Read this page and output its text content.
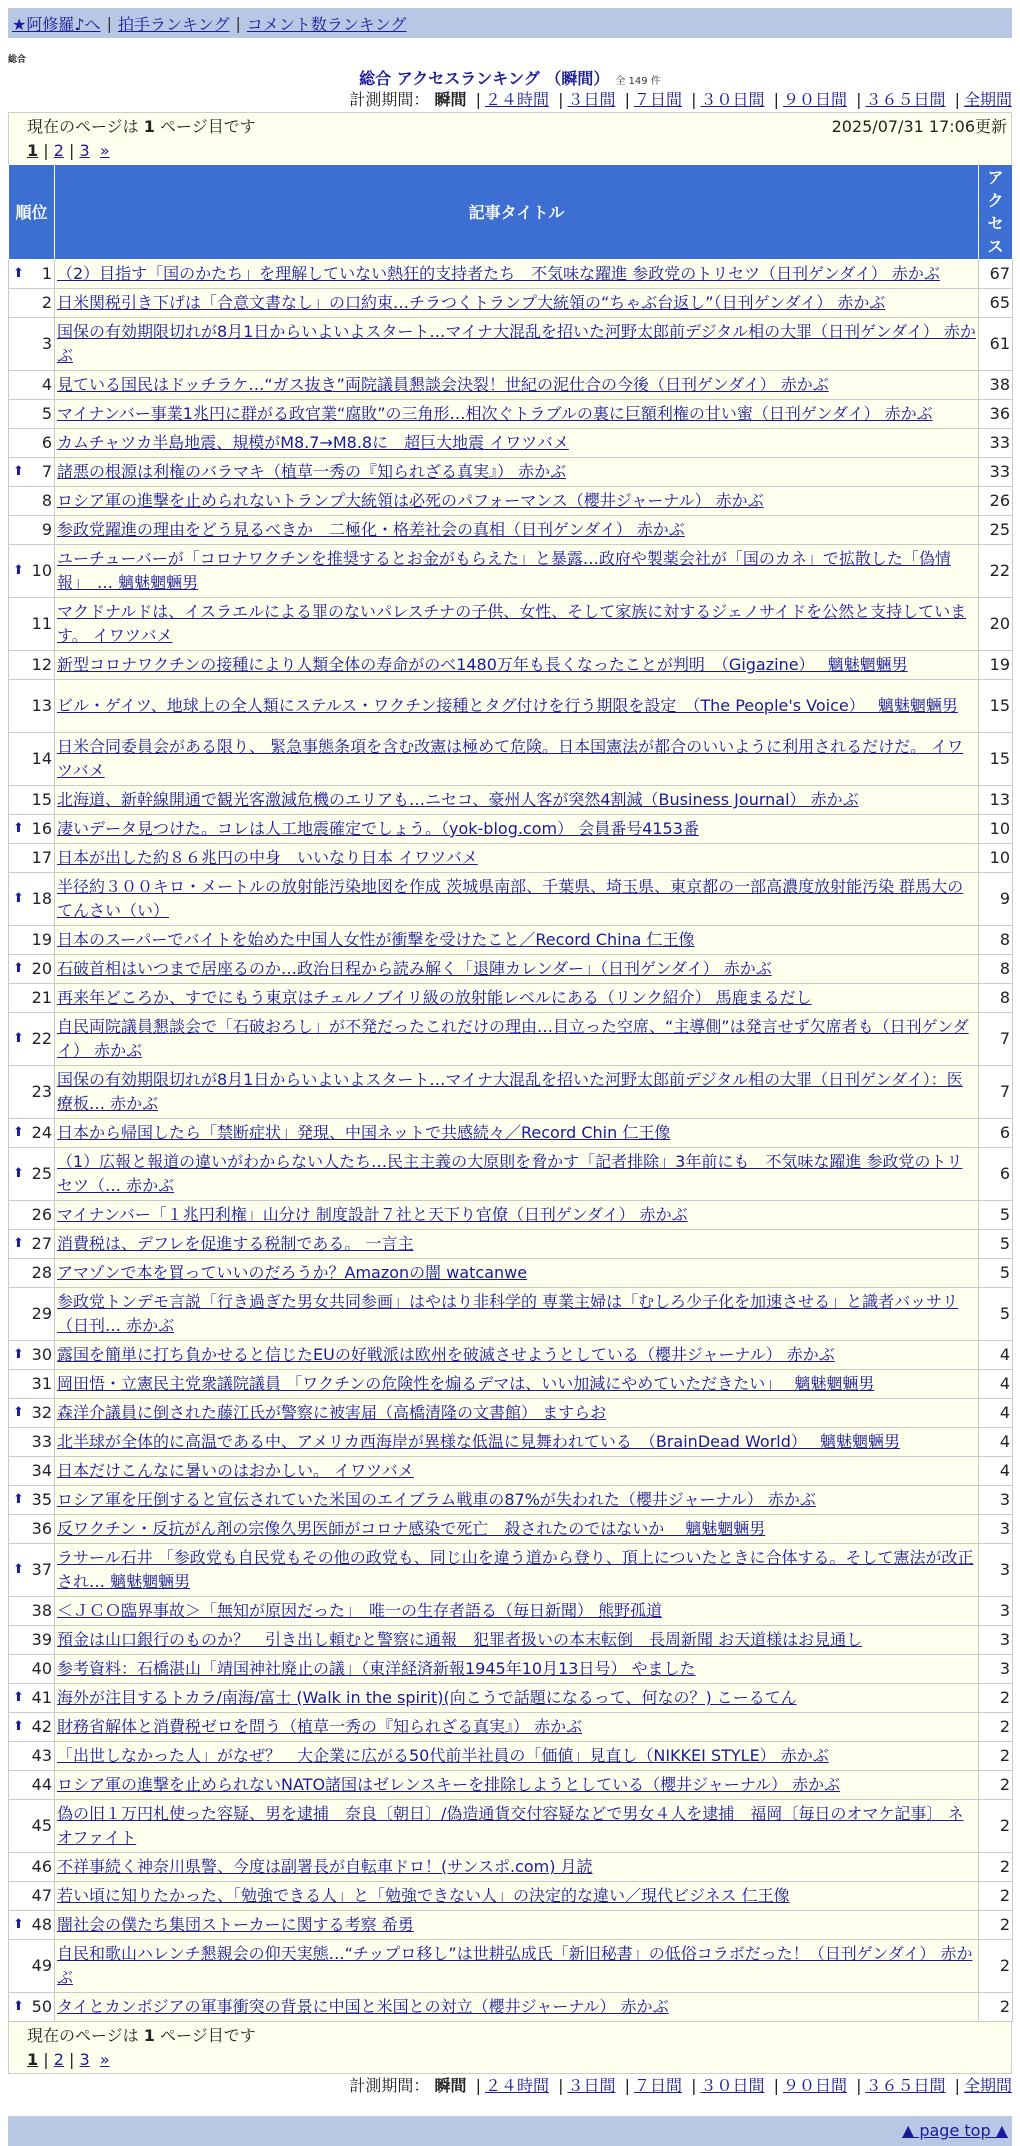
★阿修羅♪へ | 拍手ランキング | コメント数ランキング
総合
総合 アクセスランキング （瞬間） 全 149 件
計測期間： 瞬間 | ２４時間 | ３日間 | ７日間 | ３０日間 | ９０日間 | ３６５日間 | 全期間
現在のページは 1 ページ目です	2025/07/31 17:06更新
1 | 2 | 3 »
順位	記事タイトル	アクセス

⬆ 1	（2）目指す「国のかたち」を理解していない熱狂的支持者たち　不気味な躍進 参政党のトリセツ（日刊ゲンダイ） 赤かぶ	67
2	日米関税引き下げは「合意文書なし」の口約束…チラつくトランプ大統領の“ちゃぶ台返し”（日刊ゲンダイ） 赤かぶ	65
3	国保の有効期限切れが8月1日からいよいよスタート…マイナ大混乱を招いた河野太郎前デジタル相の大罪（日刊ゲンダイ） 赤かぶ	61
4	見ている国民はドッチラケ…“ガス抜き”両院議員懇談会決裂！世紀の泥仕合の今後（日刊ゲンダイ） 赤かぶ	38
5	マイナンバー事業1兆円に群がる政官業“腐敗”の三角形…相次ぐトラブルの裏に巨額利権の甘い蜜（日刊ゲンダイ） 赤かぶ	36
6	カムチャツカ半島地震、規模がM8.7→M8.8に　超巨大地震 イワツバメ	33

⬆ 7	諸悪の根源は利権のバラマキ（植草一秀の『知られざる真実』） 赤かぶ	33
8	ロシア軍の進撃を止められないトランプ大統領は必死のパフォーマンス（櫻井ジャーナル） 赤かぶ	26
9	参政党躍進の理由をどう見るべきか　二極化・格差社会の真相（日刊ゲンダイ） 赤かぶ	25

⬆ 10	ユーチューバーが「コロナワクチンを推奨するとお金がもらえた」と暴露…政府や製薬会社が「国のカネ」で拡散した「偽情報」　… 魑魅魍魎男	22
11	マクドナルドは、イスラエルによる罪のないパレスチナの子供、女性、そして家族に対するジェノサイドを公然と支持しています。 イワツバメ	20
12	新型コロナワクチンの接種により人類全体の寿命がのべ1480万年も長くなったことが判明　（Gigazine）　 魑魅魍魎男	19
13	ビル・ゲイツ、地球上の全人類にステルス・ワクチン接種とタグ付けを行う期限を設定　（The People's Voice）　 魑魅魍魎男	15
14	日米合同委員会がある限り、 緊急事態条項を含む改憲は極めて危険。日本国憲法が都合のいいように利用されるだけだ。 イワツバメ	15
15	北海道、新幹線開通で観光客激減危機のエリアも…ニセコ、豪州人客が突然4割減（Business Journal） 赤かぶ	13

⬆ 16	凄いデータ見つけた。コレは人工地震確定でしょう。（yok-blog.com） 会員番号4153番	10
17	日本が出した約８６兆円の中身　いいなり日本 イワツバメ	10

⬆ 18	半径約３００キロ・メートルの放射能汚染地図を作成 茨城県南部、千葉県、埼玉県、東京都の一部高濃度放射能汚染 群馬大のてんさい（い）	9
19	日本のスーパーでバイトを始めた中国人女性が衝撃を受けたこと／Record China 仁王像	8

⬆ 20	石破首相はいつまで居座るのか…政治日程から読み解く「退陣カレンダー」（日刊ゲンダイ） 赤かぶ	8
21	再来年どころか、すでにもう東京はチェルノブイリ級の放射能レベルにある（リンク紹介） 馬鹿まるだし	8

⬆ 22	自民両院議員懇談会で「石破おろし」が不発だったこれだけの理由…目立った空席、“主導側”は発言せず欠席者も（日刊ゲンダイ） 赤かぶ	7
23	国保の有効期限切れが8月1日からいよいよスタート…マイナ大混乱を招いた河野太郎前デジタル相の大罪（日刊ゲンダイ）：医療板… 赤かぶ	7

⬆ 24	日本から帰国したら「禁断症状」発現、中国ネットで共感続々／Record Chin 仁王像	6

⬆ 25	（1）広報と報道の違いがわからない人たち…民主主義の大原則を脅かす「記者排除」3年前にも　不気味な躍進 参政党のトリセツ（… 赤かぶ	6
26	マイナンバー「１兆円利権」山分け 制度設計７社と天下り官僚（日刊ゲンダイ） 赤かぶ	5

⬆ 27	消費税は、デフレを促進する税制である。 一言主	5
28	アマゾンで本を買っていいのだろうか？Amazonの闇 watcanwe	5
29	参政党トンデモ言説「行き過ぎた男女共同参画」はやはり非科学的 専業主婦は「むしろ少子化を加速させる」と識者バッサリ（日刊… 赤かぶ	5

⬆ 30	露国を簡単に打ち負かせると信じたEUの好戦派は欧州を破滅させようとしている（櫻井ジャーナル） 赤かぶ	4
31	岡田悟・立憲民主党衆議院議員 「ワクチンの危険性を煽るデマは、いい加減にやめていただきたい」　 魑魅魍魎男	4

⬆ 32	森洋介議員に倒された藤江氏が警察に被害届（高橋清隆の文書館） ますらお	4
33	北半球が全体的に高温である中、アメリカ西海岸が異様な低温に見舞われている　（BrainDead World）　 魑魅魍魎男	4
34	日本だけこんなに暑いのはおかしい。 イワツバメ	4

⬆ 35	ロシア軍を圧倒すると宣伝されていた米国のエイブラム戦車の87%が失われた（櫻井ジャーナル） 赤かぶ	3
36	反ワクチン・反抗がん剤の宗像久男医師がコロナ感染で死亡　殺されたのではないか　 魑魅魍魎男	3

⬆ 37	ラサール石井 「参政党も自民党もその他の政党も、同じ山を違う道から登り、頂上についたときに合体する。そして憲法が改正され… 魑魅魍魎男	3
38	＜ＪＣＯ臨界事故＞「無知が原因だった」　唯一の生存者語る（毎日新聞） 熊野孤道	3
39	預金は山口銀行のものか？　引き出し頼むと警察に通報　犯罪者扱いの本末転倒　長周新聞 お天道様はお見通し	3
40	参考資料：石橋湛山「靖国神社廃止の議」（東洋経済新報1945年10月13日号） やました	3

⬆ 41	海外が注目するトカラ/南海/富士 (Walk in the spirit)(向こうで話題になるって、何なの？) こーるてん	2

⬆ 42	財務省解体と消費税ゼロを問う（植草一秀の『知られざる真実』） 赤かぶ	2
43	「出世しなかった人」がなぜ？　大企業に広がる50代前半社員の「価値」見直し（NIKKEI STYLE） 赤かぶ	2
44	ロシア軍の進撃を止められないNATO諸国はゼレンスキーを排除しようとしている（櫻井ジャーナル） 赤かぶ	2
45	偽の旧１万円札使った容疑、男を逮捕　奈良〔朝日〕/偽造通貨交付容疑などで男女４人を逮捕　福岡〔毎日のオマケ記事〕 ネオファイト	2
46	不祥事続く神奈川県警、今度は副署長が自転車ドロ！(サンスポ.com) 月読	2
47	若い頃に知りたかった、「勉強できる人」と「勉強できない人」の決定的な違い／現代ビジネス 仁王像	2

⬆ 48	闇社会の僕たち集団ストーカーに関する考察 希勇	2
49	自民和歌山ハレンチ懇親会の仰天実態…“チップロ移し”は世耕弘成氏「新旧秘書」の低俗コラボだった！（日刊ゲンダイ） 赤かぶ	2

⬆ 50	タイとカンボジアの軍事衝突の背景に中国と米国との対立（櫻井ジャーナル） 赤かぶ	2
現在のページは 1 ページ目です
1 | 2 | 3 »
計測期間： 瞬間 | ２４時間 | ３日間 | ７日間 | ３０日間 | ９０日間 | ３６５日間 | 全期間
▲ page top ▲
